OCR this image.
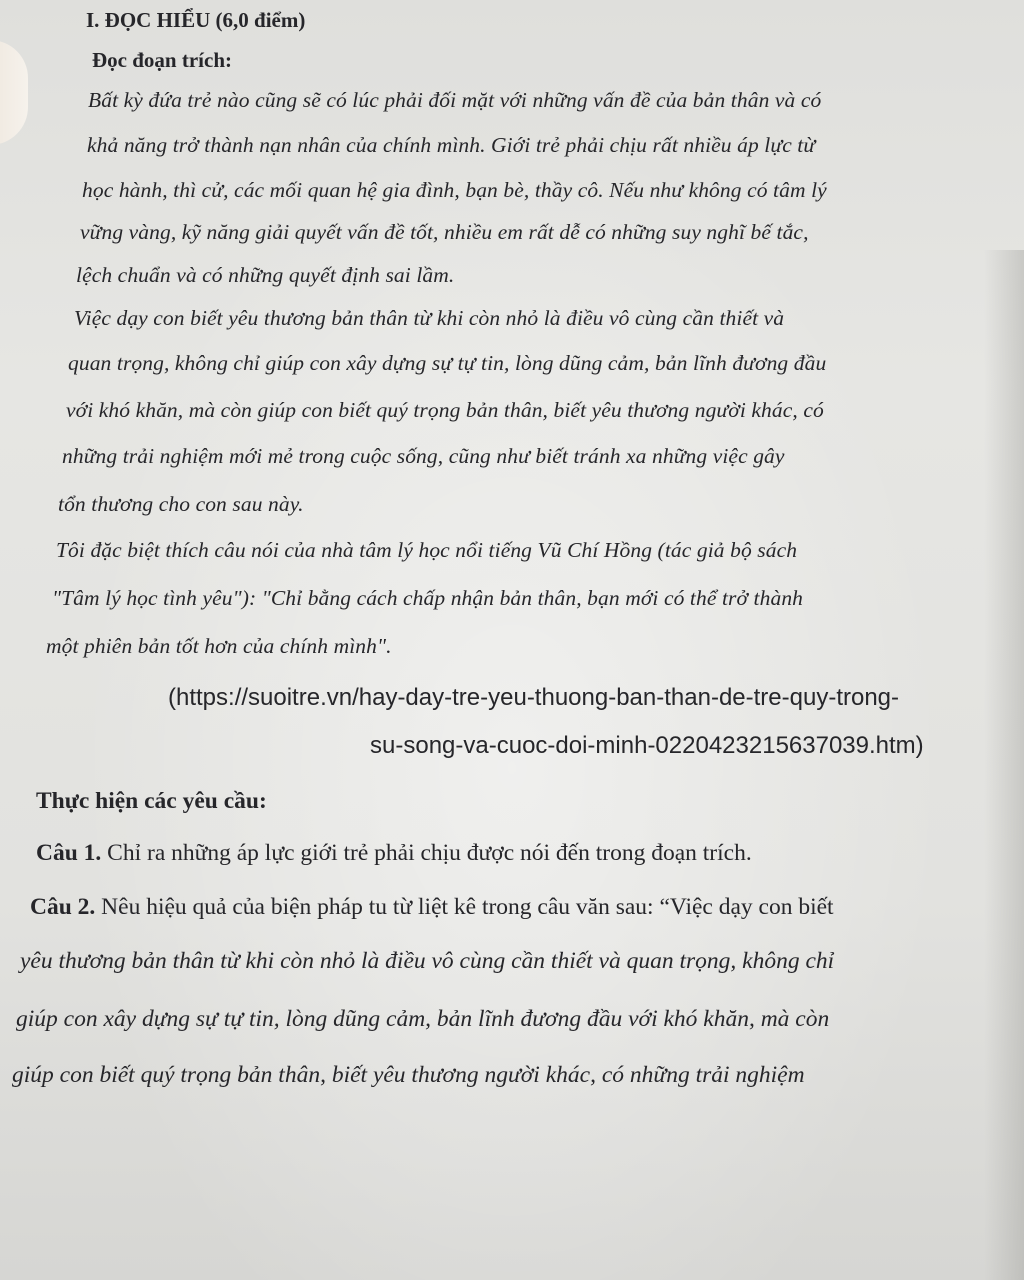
I. ĐỌC HIỂU (6,0 điểm)

Đọc đoạn trích:

Bất kỳ đứa trẻ nào cũng sẽ có lúc phải đối mặt với những vấn đề của bản thân và có

khả năng trở thành nạn nhân của chính mình. Giới trẻ phải chịu rất nhiều áp lực từ

học hành, thì cử, các mối quan hệ gia đình, bạn bè, thầy cô. Nếu như không có tâm lý

vững vàng, kỹ năng giải quyết vấn đề tốt, nhiều em rất dễ có những suy nghĩ bế tắc,

lệch chuẩn và có những quyết định sai lầm.

Việc dạy con biết yêu thương bản thân từ khi còn nhỏ là điều vô cùng cần thiết và

quan trọng, không chỉ giúp con xây dựng sự tự tin, lòng dũng cảm, bản lĩnh đương đầu

với khó khăn, mà còn giúp con biết quý trọng bản thân, biết yêu thương người khác, có

những trải nghiệm mới mẻ trong cuộc sống, cũng như biết tránh xa những việc gây

tổn thương cho con sau này.

Tôi đặc biệt thích câu nói của nhà tâm lý học nổi tiếng Vũ Chí Hồng (tác giả bộ sách

"Tâm lý học tình yêu"): "Chỉ bằng cách chấp nhận bản thân, bạn mới có thể trở thành

một phiên bản tốt hơn của chính mình".

(https://suoitre.vn/hay-day-tre-yeu-thuong-ban-than-de-tre-quy-trong-

su-song-va-cuoc-doi-minh-0220423215637039.htm)

Thực hiện các yêu cầu:

Câu 1. Chỉ ra những áp lực giới trẻ phải chịu được nói đến trong đoạn trích.

Câu 2. Nêu hiệu quả của biện pháp tu từ liệt kê trong câu văn sau: “Việc dạy con biết

yêu thương bản thân từ khi còn nhỏ là điều vô cùng cần thiết và quan trọng, không chỉ

giúp con xây dựng sự tự tin, lòng dũng cảm, bản lĩnh đương đầu với khó khăn, mà còn

giúp con biết quý trọng bản thân, biết yêu thương người khác, có những trải nghiệm
